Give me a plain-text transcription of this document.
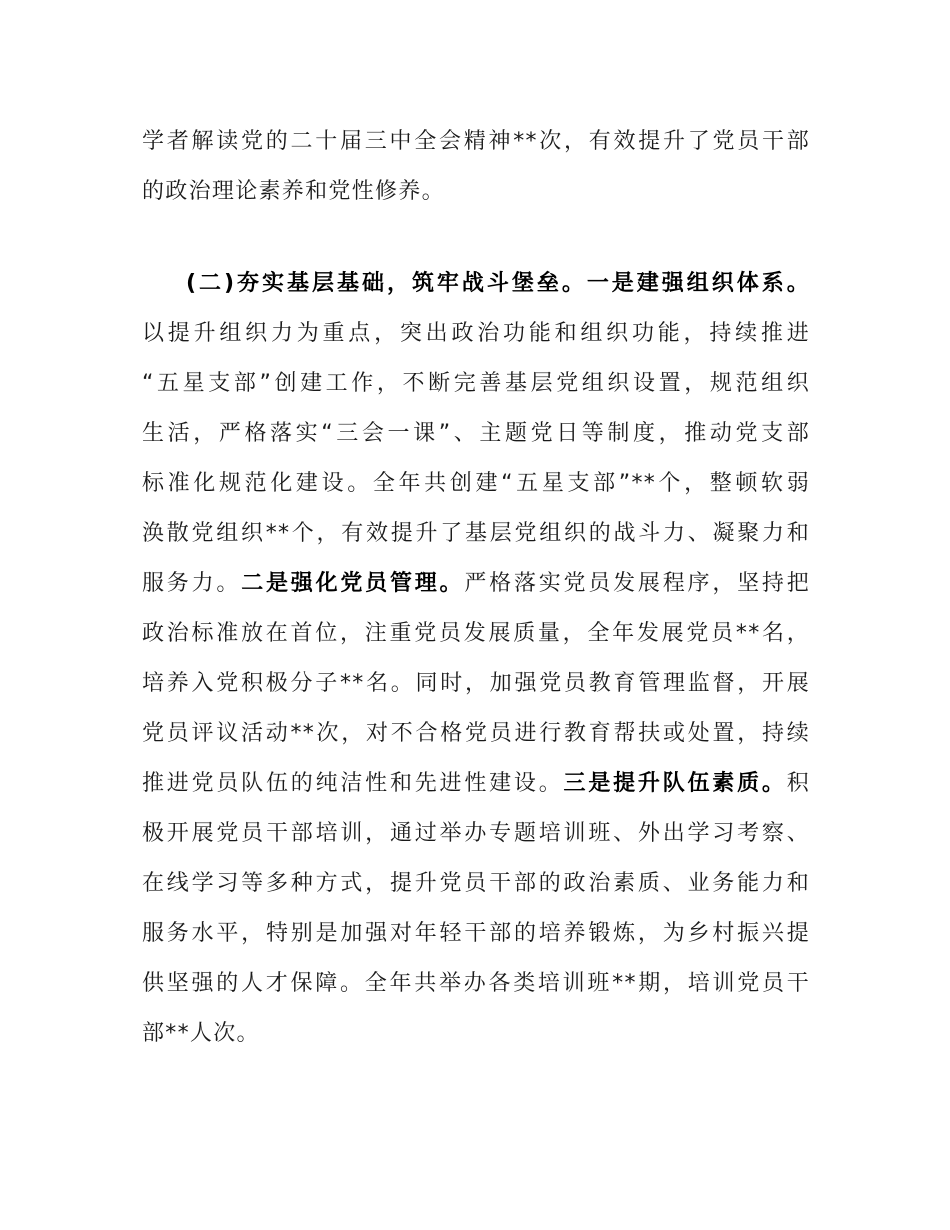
学者解读党的二十届三中全会精神**次，有效提升了党员干部
的政治理论素养和党性修养。
(二)夯实基层基础，筑牢战斗堡垒。一是建强组织体系。
以提升组织力为重点，突出政治功能和组织功能，持续推进
“五星支部”创建工作，不断完善基层党组织设置，规范组织
生活，严格落实“三会一课”、主题党日等制度，推动党支部
标准化规范化建设。全年共创建“五星支部”**个，整顿软弱
涣散党组织**个，有效提升了基层党组织的战斗力、凝聚力和
服务力。二是强化党员管理。严格落实党员发展程序，坚持把
政治标准放在首位，注重党员发展质量，全年发展党员**名，
培养入党积极分子**名。同时，加强党员教育管理监督，开展
党员评议活动**次，对不合格党员进行教育帮扶或处置，持续
推进党员队伍的纯洁性和先进性建设。三是提升队伍素质。积
极开展党员干部培训，通过举办专题培训班、外出学习考察、
在线学习等多种方式，提升党员干部的政治素质、业务能力和
服务水平，特别是加强对年轻干部的培养锻炼，为乡村振兴提
供坚强的人才保障。全年共举办各类培训班**期，培训党员干
部**人次。
